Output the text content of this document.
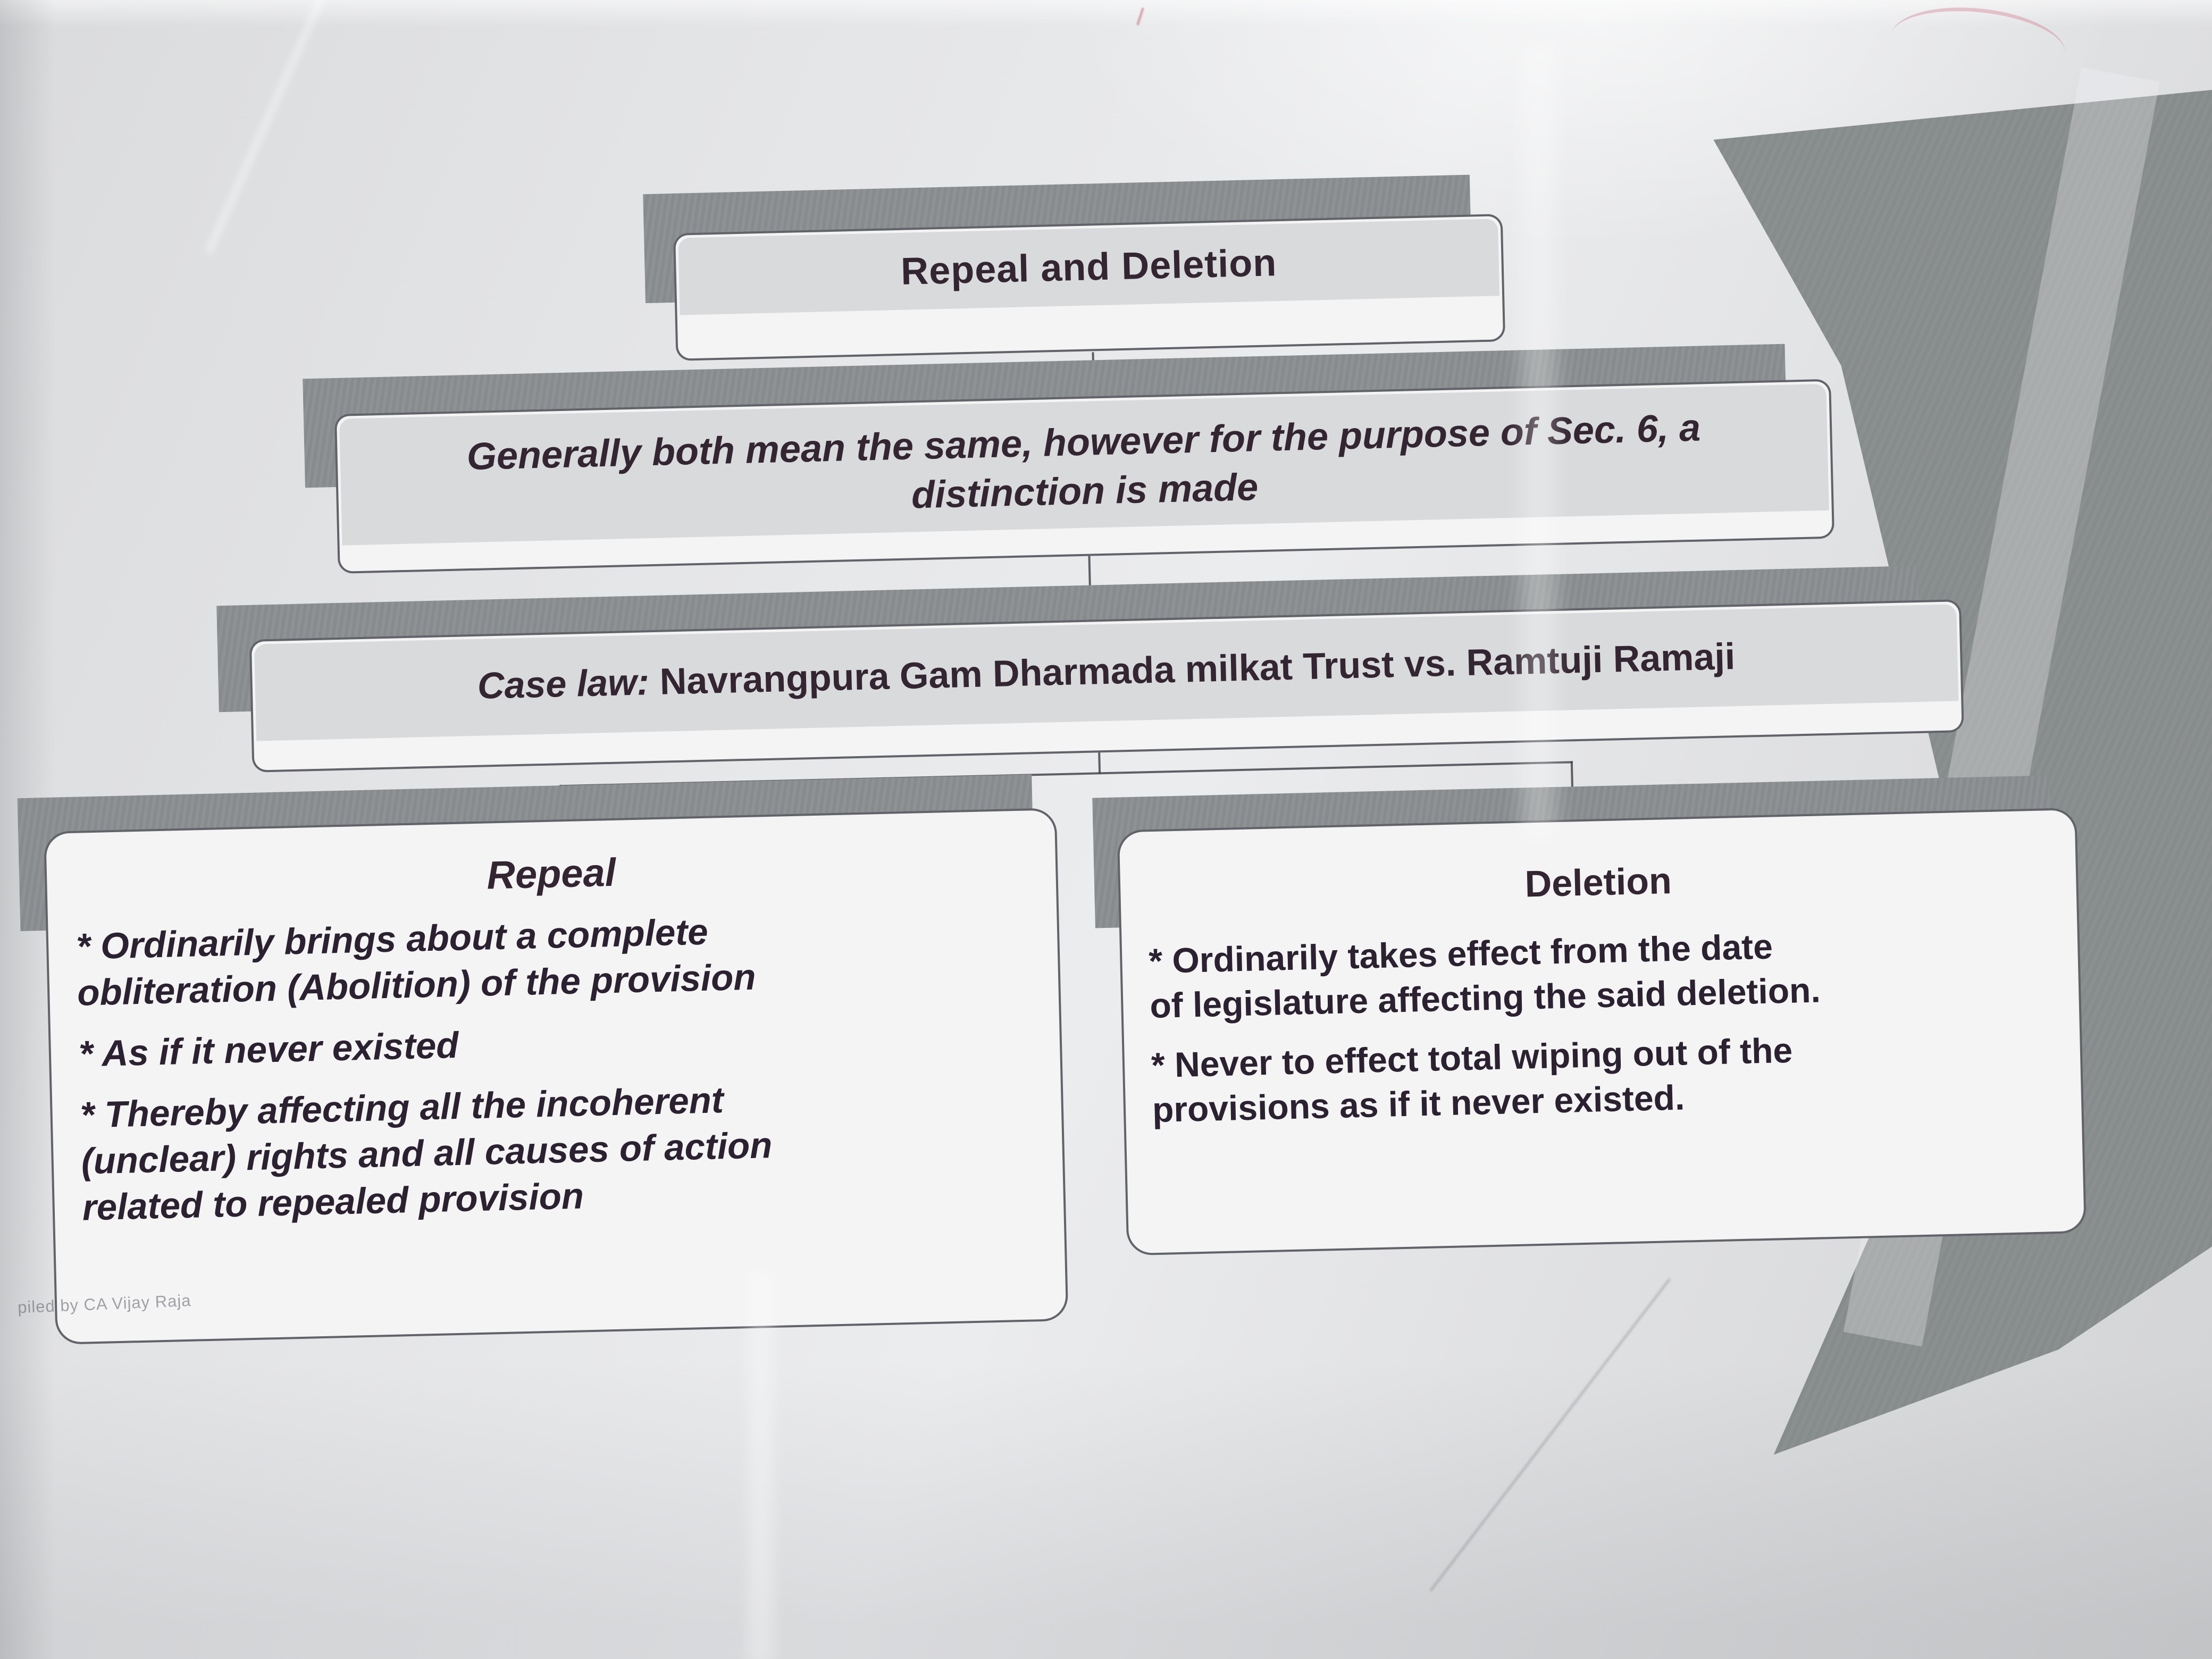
Repeal and Deletion
Generally both mean the same, however for the purpose of Sec. 6, a
distinction is made
Case law: Navrangpura Gam Dharmada milkat Trust vs. Ramtuji Ramaji
Repeal
* Ordinarily brings about a complete
obliteration (Abolition) of the provision
* As if it never existed
* Thereby affecting all the incoherent
(unclear) rights and all causes of action
related to repealed provision
Deletion
* Ordinarily takes effect from the date
of legislature affecting the said deletion.
* Never to effect total wiping out of the
provisions as if it never existed.
piled by CA Vijay Raja
